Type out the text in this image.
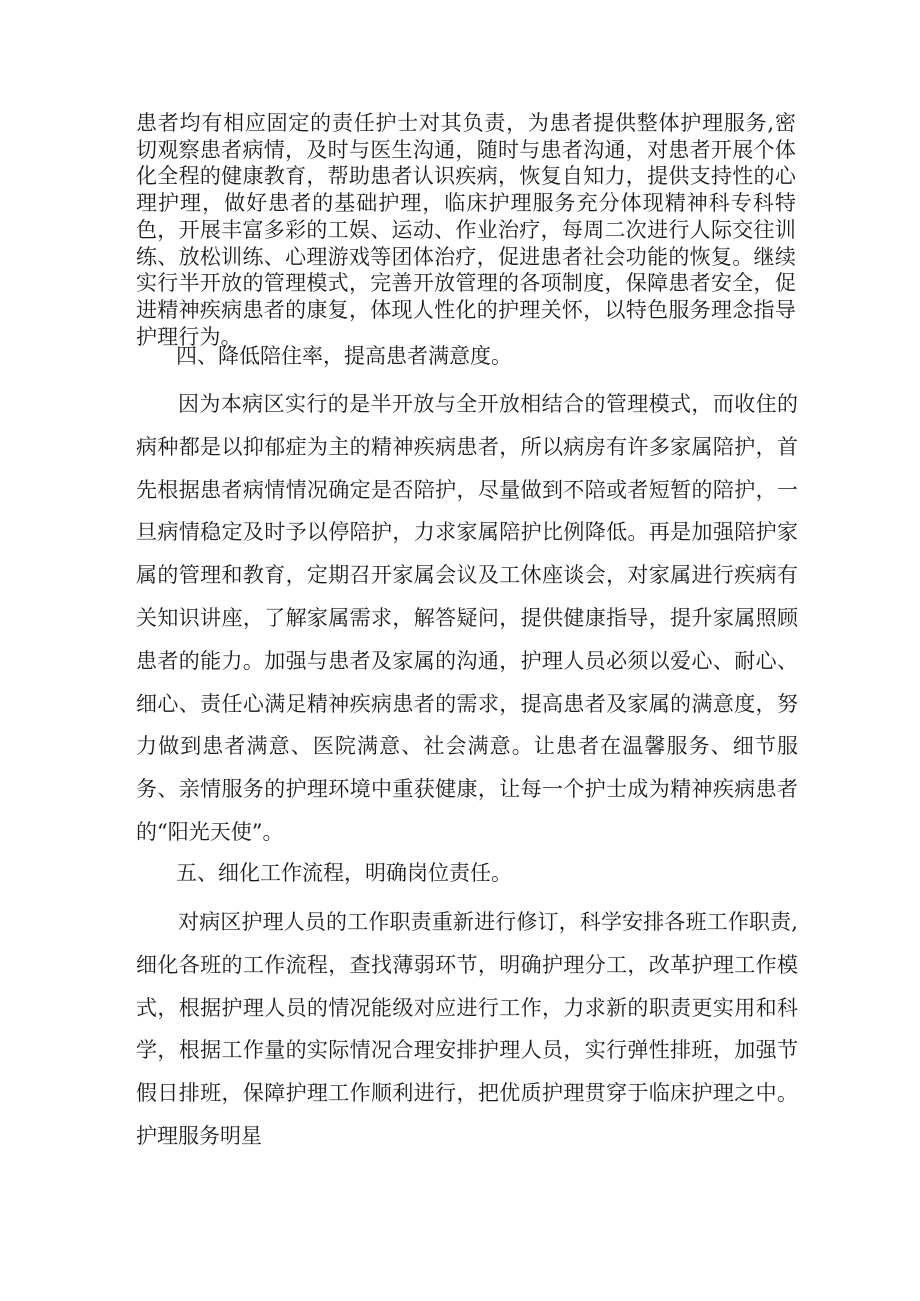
患者均有相应固定的责任护士对其负责，为患者提供整体护理服务,密切观察患者病情，及时与医生沟通，随时与患者沟通，对患者开展个体化全程的健康教育，帮助患者认识疾病，恢复自知力，提供支持性的心理护理，做好患者的基础护理，临床护理服务充分体现精神科专科特色，开展丰富多彩的工娱、运动、作业治疗，每周二次进行人际交往训练、放松训练、心理游戏等团体治疗，促进患者社会功能的恢复。继续实行半开放的管理模式，完善开放管理的各项制度，保障患者安全，促进精神疾病患者的康复，体现人性化的护理关怀，以特色服务理念指导护理行为。
四、降低陪住率，提高患者满意度。
因为本病区实行的是半开放与全开放相结合的管理模式，而收住的病种都是以抑郁症为主的精神疾病患者，所以病房有许多家属陪护，首先根据患者病情情况确定是否陪护，尽量做到不陪或者短暂的陪护，一旦病情稳定及时予以停陪护，力求家属陪护比例降低。再是加强陪护家属的管理和教育，定期召开家属会议及工休座谈会，对家属进行疾病有关知识讲座，了解家属需求，解答疑问，提供健康指导，提升家属照顾患者的能力。加强与患者及家属的沟通，护理人员必须以爱心、耐心、细心、责任心满足精神疾病患者的需求，提高患者及家属的满意度，努力做到患者满意、医院满意、社会满意。让患者在温馨服务、细节服务、亲情服务的护理环境中重获健康，让每一个护士成为精神疾病患者的“阳光天使”。
五、细化工作流程，明确岗位责任。
对病区护理人员的工作职责重新进行修订，科学安排各班工作职责,细化各班的工作流程，查找薄弱环节，明确护理分工，改革护理工作模式，根据护理人员的情况能级对应进行工作，力求新的职责更实用和科学，根据工作量的实际情况合理安排护理人员，实行弹性排班，加强节假日排班，保障护理工作顺利进行，把优质护理贯穿于临床护理之中。护理服务明星
